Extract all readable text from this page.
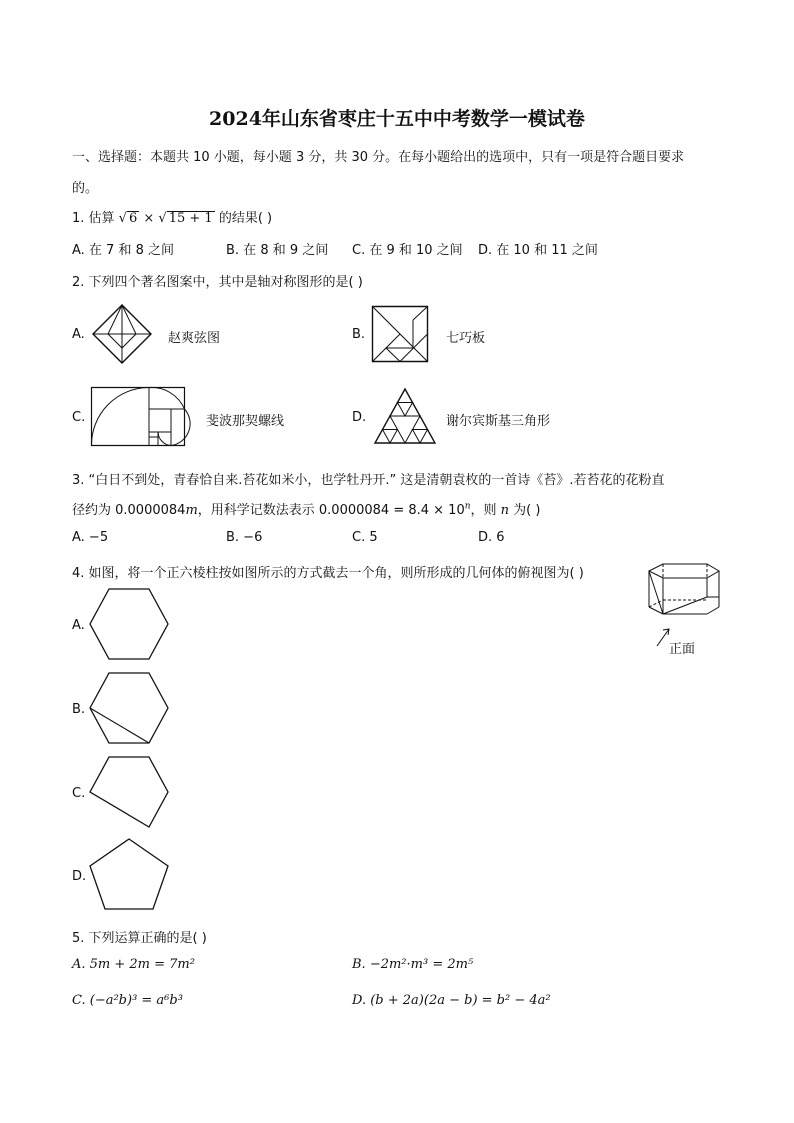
2024年山东省枣庄十五中中考数学一模试卷
一、选择题：本题共 10 小题，每小题 3 分，共 30 分。在每小题给出的选项中，只有一项是符合题目要求
的。
1. 估算 √ 6 × √ 15 + 1 的结果( )
A. 在 7 和 8 之间	B. 在 8 和 9 之间 C. 在 9 和 10 之间 D. 在 10 和 11 之间
2. 下列四个著名图案中，其中是轴对称图形的是( )
A.	赵爽弦图	B.	七巧板
C.	斐波那契螺线	D.	谢尔宾斯基三角形
3. “白日不到处，青春恰自来.苔花如米小，也学牡丹开.” 这是清朝袁枚的一首诗《苔》.若苔花的花粉直
径约为 0.0000084m，用科学记数法表示 $0.0000084 = 8.4 \times 10^n$，则 n 为( )
A. −5	B. −6	C. 5	D. 6
4. 如图，将一个正六棱柱按如图所示的方式截去一个角，则所形成的几何体的俯视图为( )
正面
A.
B.
C.
D.
5. 下列运算正确的是( )
A. 5m + 2m = 7m²	B. −2m²·m³ = 2m⁵
C. (−a²b)³ = a⁶b³	D. (b + 2a)(2a − b) = b² − 4a²
